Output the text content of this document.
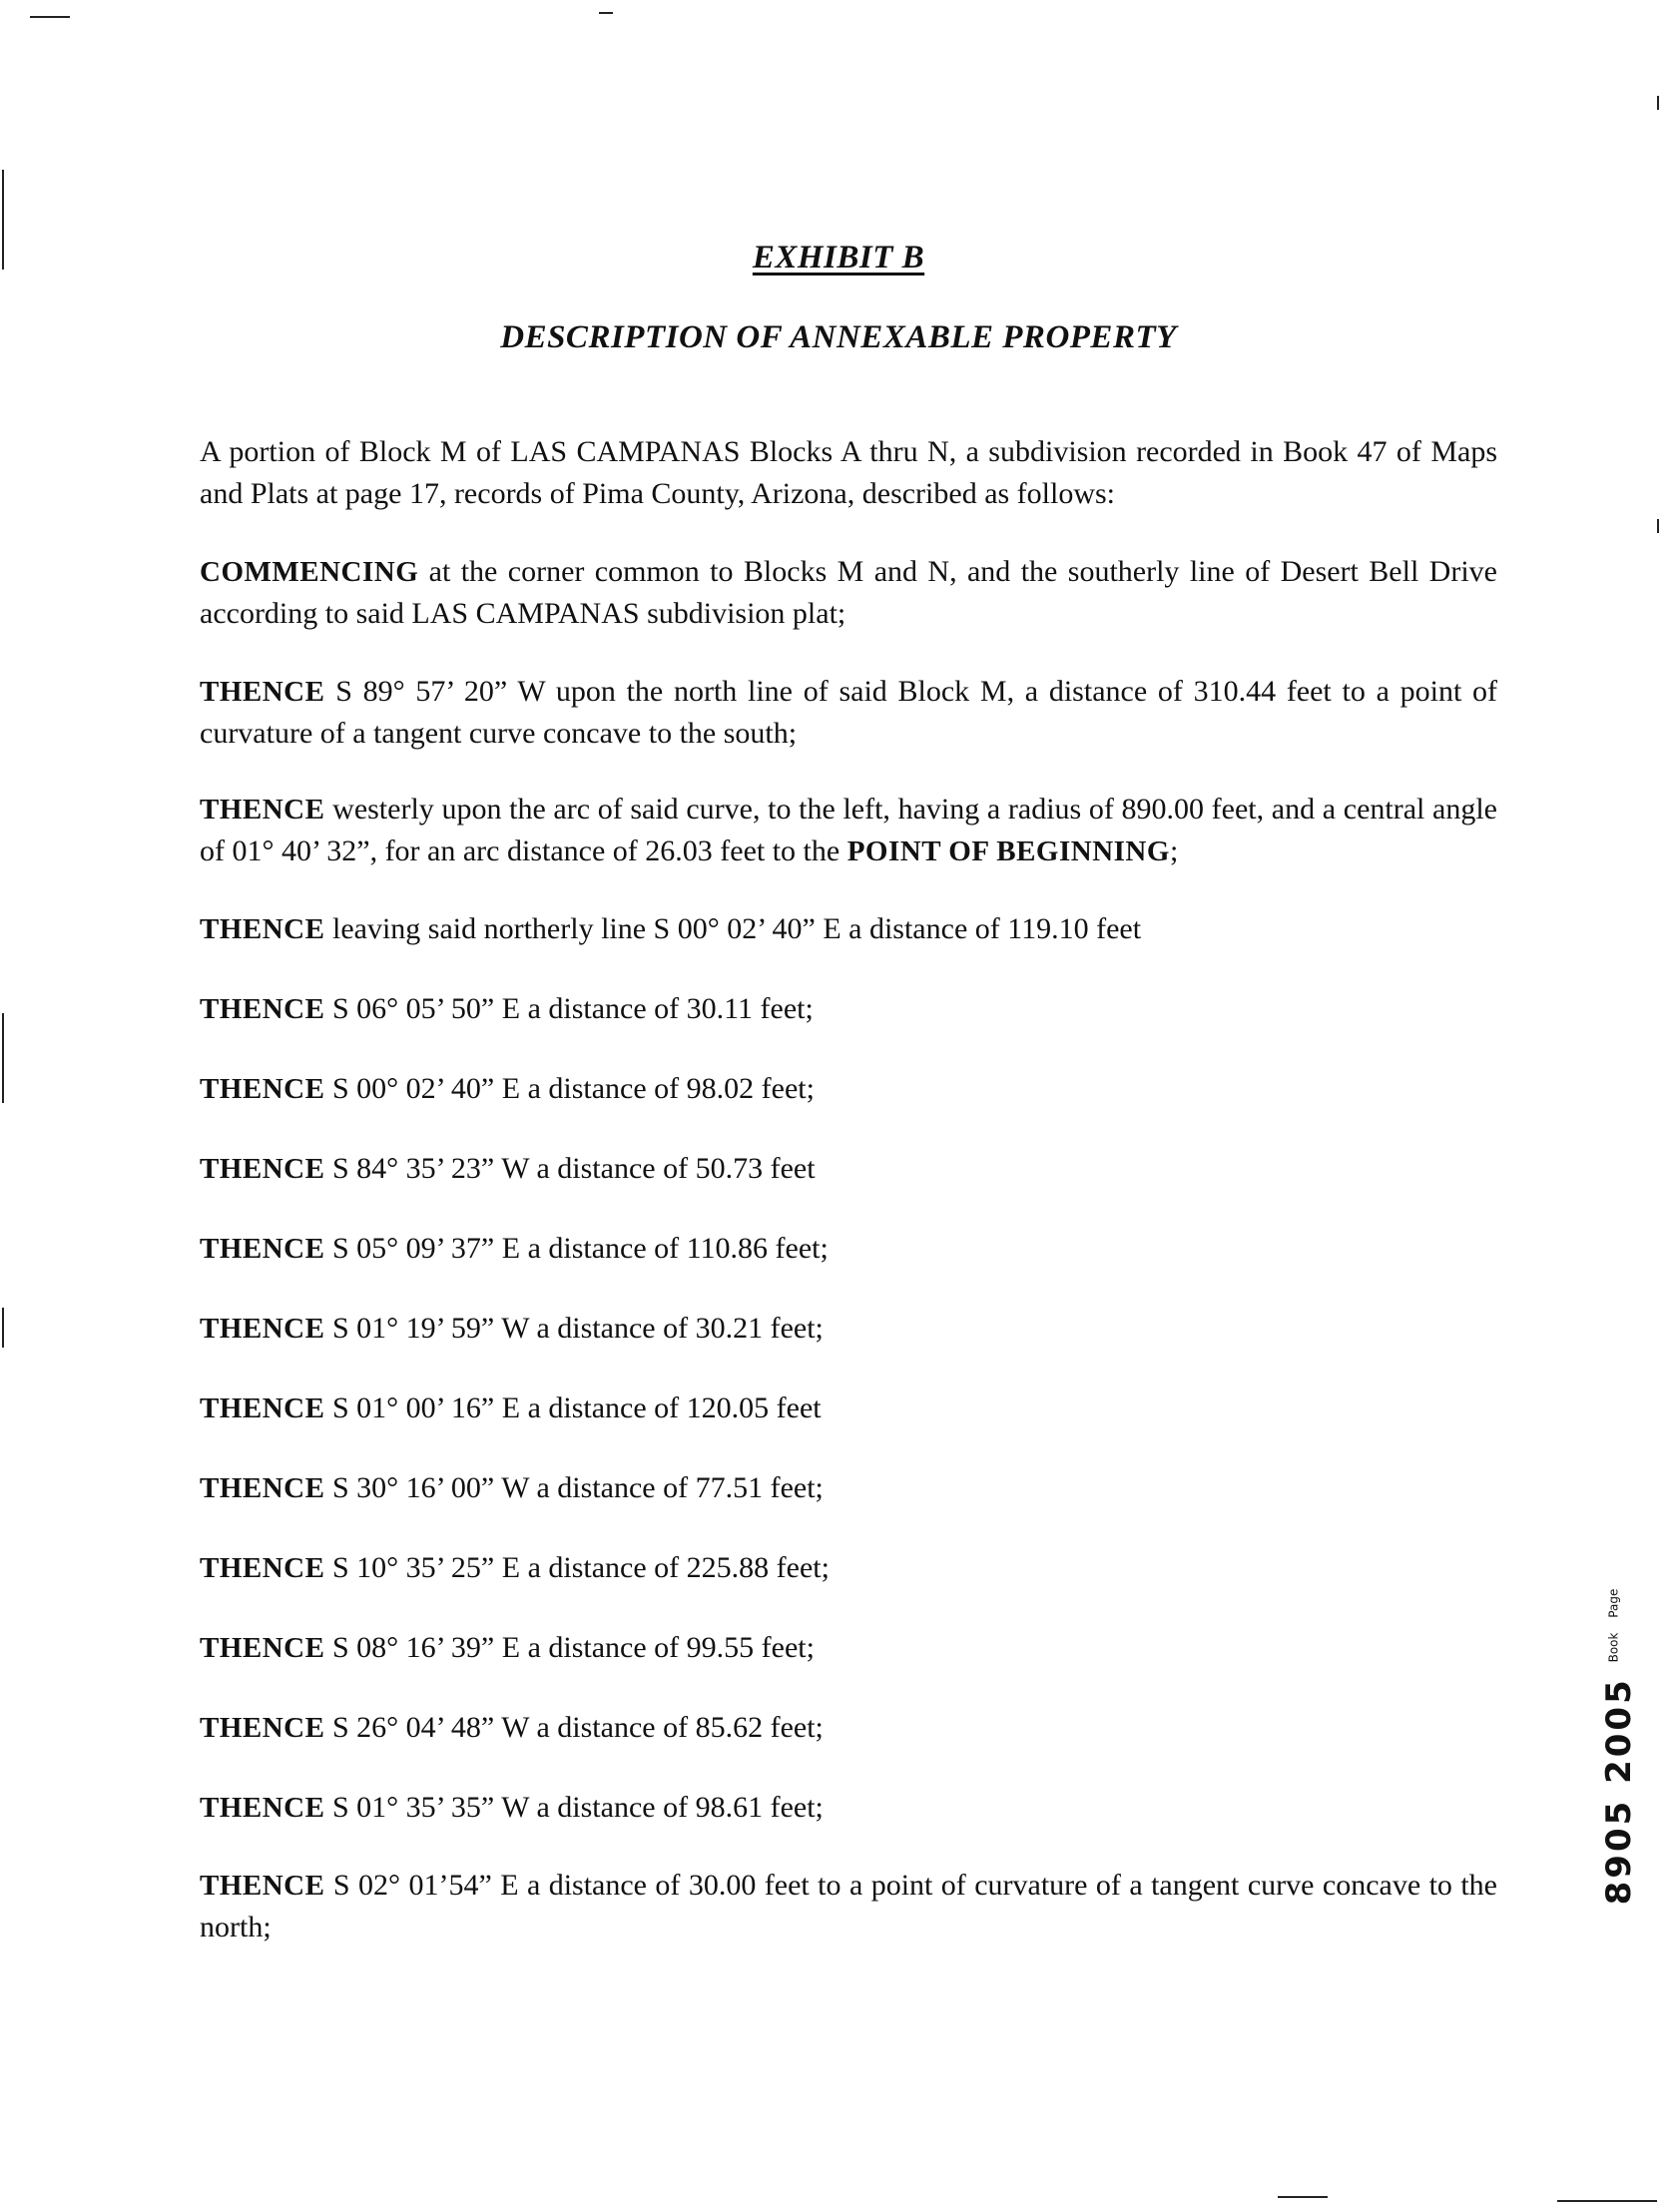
EXHIBIT B
DESCRIPTION OF ANNEXABLE PROPERTY
A portion of Block M of LAS CAMPANAS Blocks A thru N, a subdivision recorded in Book 47 of Maps and Plats at page 17, records of Pima County, Arizona, described as follows:
COMMENCING at the corner common to Blocks M and N, and the southerly line of Desert Bell Drive according to said LAS CAMPANAS subdivision plat;
THENCE S 89° 57’ 20” W upon the north line of said Block M, a distance of 310.44 feet to a point of curvature of a tangent curve concave to the south;
THENCE westerly upon the arc of said curve, to the left, having a radius of 890.00 feet, and a central angle of 01° 40’ 32”, for an arc distance of 26.03 feet to the POINT OF BEGINNING;
THENCE leaving said northerly line S 00° 02’ 40” E a distance of 119.10 feet
THENCE S 06° 05’ 50” E a distance of 30.11 feet;
THENCE S 00° 02’ 40” E a distance of 98.02 feet;
THENCE S 84° 35’ 23” W a distance of 50.73 feet
THENCE S 05° 09’ 37” E a distance of 110.86 feet;
THENCE S 01° 19’ 59” W a distance of 30.21 feet;
THENCE S 01° 00’ 16” E a distance of 120.05 feet
THENCE S 30° 16’ 00” W a distance of 77.51 feet;
THENCE S 10° 35’ 25” E a distance of 225.88 feet;
THENCE S 08° 16’ 39” E a distance of 99.55 feet;
THENCE S 26° 04’ 48” W a distance of 85.62 feet;
THENCE S 01° 35’ 35” W a distance of 98.61 feet;
THENCE S 02° 01’54” E a distance of 30.00 feet to a point of curvature of a tangent curve concave to the north;
8905 2005 $^{Book}$ $^{Page}$
